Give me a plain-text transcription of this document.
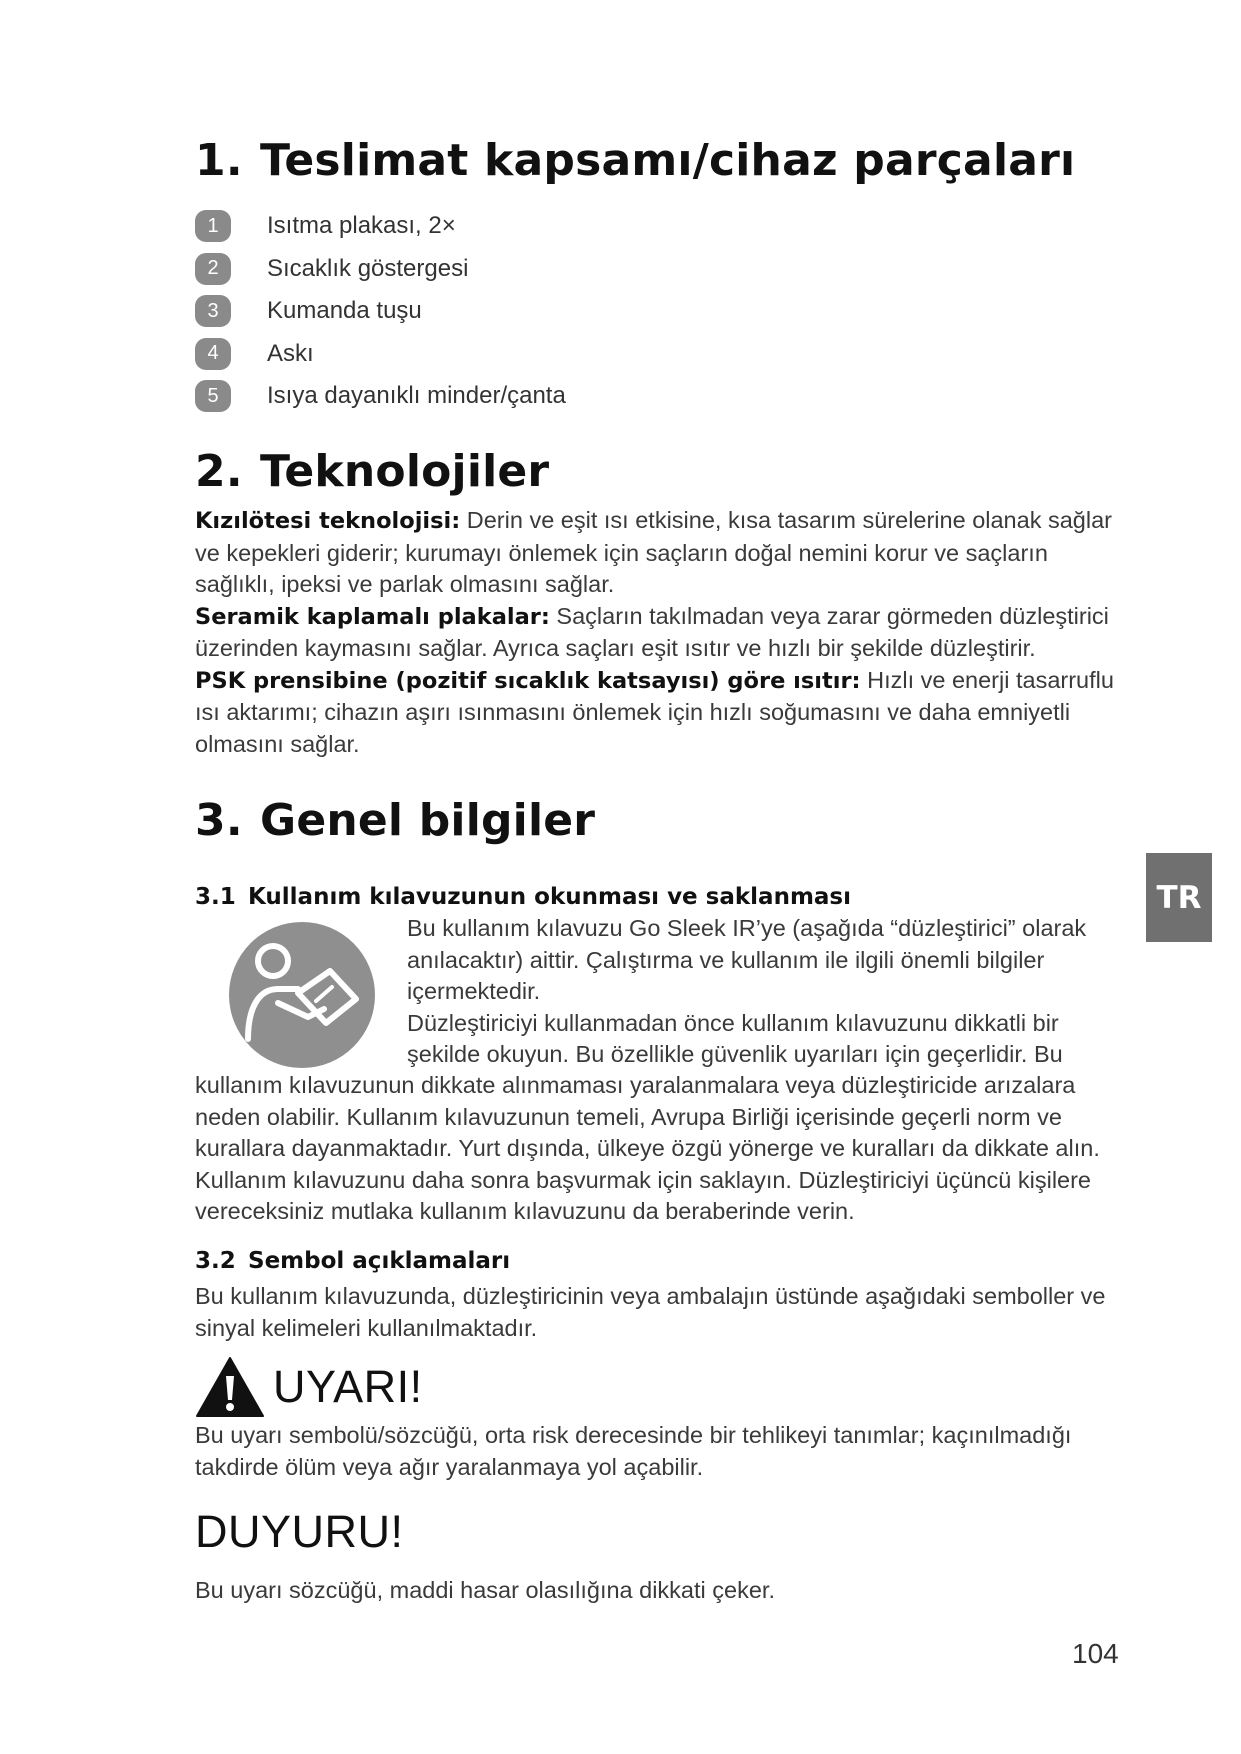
1. Teslimat kapsamı/cihaz parçaları
1	Isıtma plakası, 2×
2	Sıcaklık göstergesi
3	Kumanda tuşu
4	Askı
5	Isıya dayanıklı minder/çanta
2. Teknolojiler

Kızılötesi teknolojisi: Derin ve eşit ısı etkisine, kısa tasarım sürelerine olanak sağlar ve kepekleri giderir; kurumayı önlemek için saçların doğal nemini korur ve saçların sağlıklı, ipeksi ve parlak olmasını sağlar.
Seramik kaplamalı plakalar: Saçların takılmadan veya zarar görmeden düzleştirici üzerinden kaymasını sağlar. Ayrıca saçları eşit ısıtır ve hızlı bir şekilde düzleştirir.
PSK prensibine (pozitif sıcaklık katsayısı) göre ısıtır: Hızlı ve enerji tasarruflu ısı aktarımı; cihazın aşırı ısınmasını önlemek için hızlı soğumasını ve daha emniyetli olmasını sağlar.

3. Genel bilgiler
TR
3.1 Kullanım kılavuzunun okunması ve saklanması

Bu kullanım kılavuzu Go Sleek IR’ye (aşağıda “düzleştirici” olarak anılacaktır) aittir. Çalıştırma ve kullanım ile ilgili önemli bilgiler içermektedir.
Düzleştiriciyi kullanmadan önce kullanım kılavuzunu dikkatli bir şekilde okuyun. Bu özellikle güvenlik uyarıları için geçerlidir. Bu

kullanım kılavuzunun dikkate alınmaması yaralanmalara veya düzleştiricide arızalara neden olabilir. Kullanım kılavuzunun temeli, Avrupa Birliği içerisinde geçerli norm ve kurallara dayanmaktadır. Yurt dışında, ülkeye özgü yönerge ve kuralları da dikkate alın. Kullanım kılavuzunu daha sonra başvurmak için saklayın. Düzleştiriciyi üçüncü kişilere vereceksiniz mutlaka kullanım kılavuzunu da beraberinde verin.

3.2 Sembol açıklamaları

Bu kullanım kılavuzunda, düzleştiricinin veya ambalajın üstünde aşağıdaki semboller ve sinyal kelimeleri kullanılmaktadır.

UYARI!

Bu uyarı sembolü/sözcüğü, orta risk derecesinde bir tehlikeyi tanımlar; kaçınılmadığı takdirde ölüm veya ağır yaralanmaya yol açabilir.

DUYURU!

Bu uyarı sözcüğü, maddi hasar olasılığına dikkati çeker.

104
